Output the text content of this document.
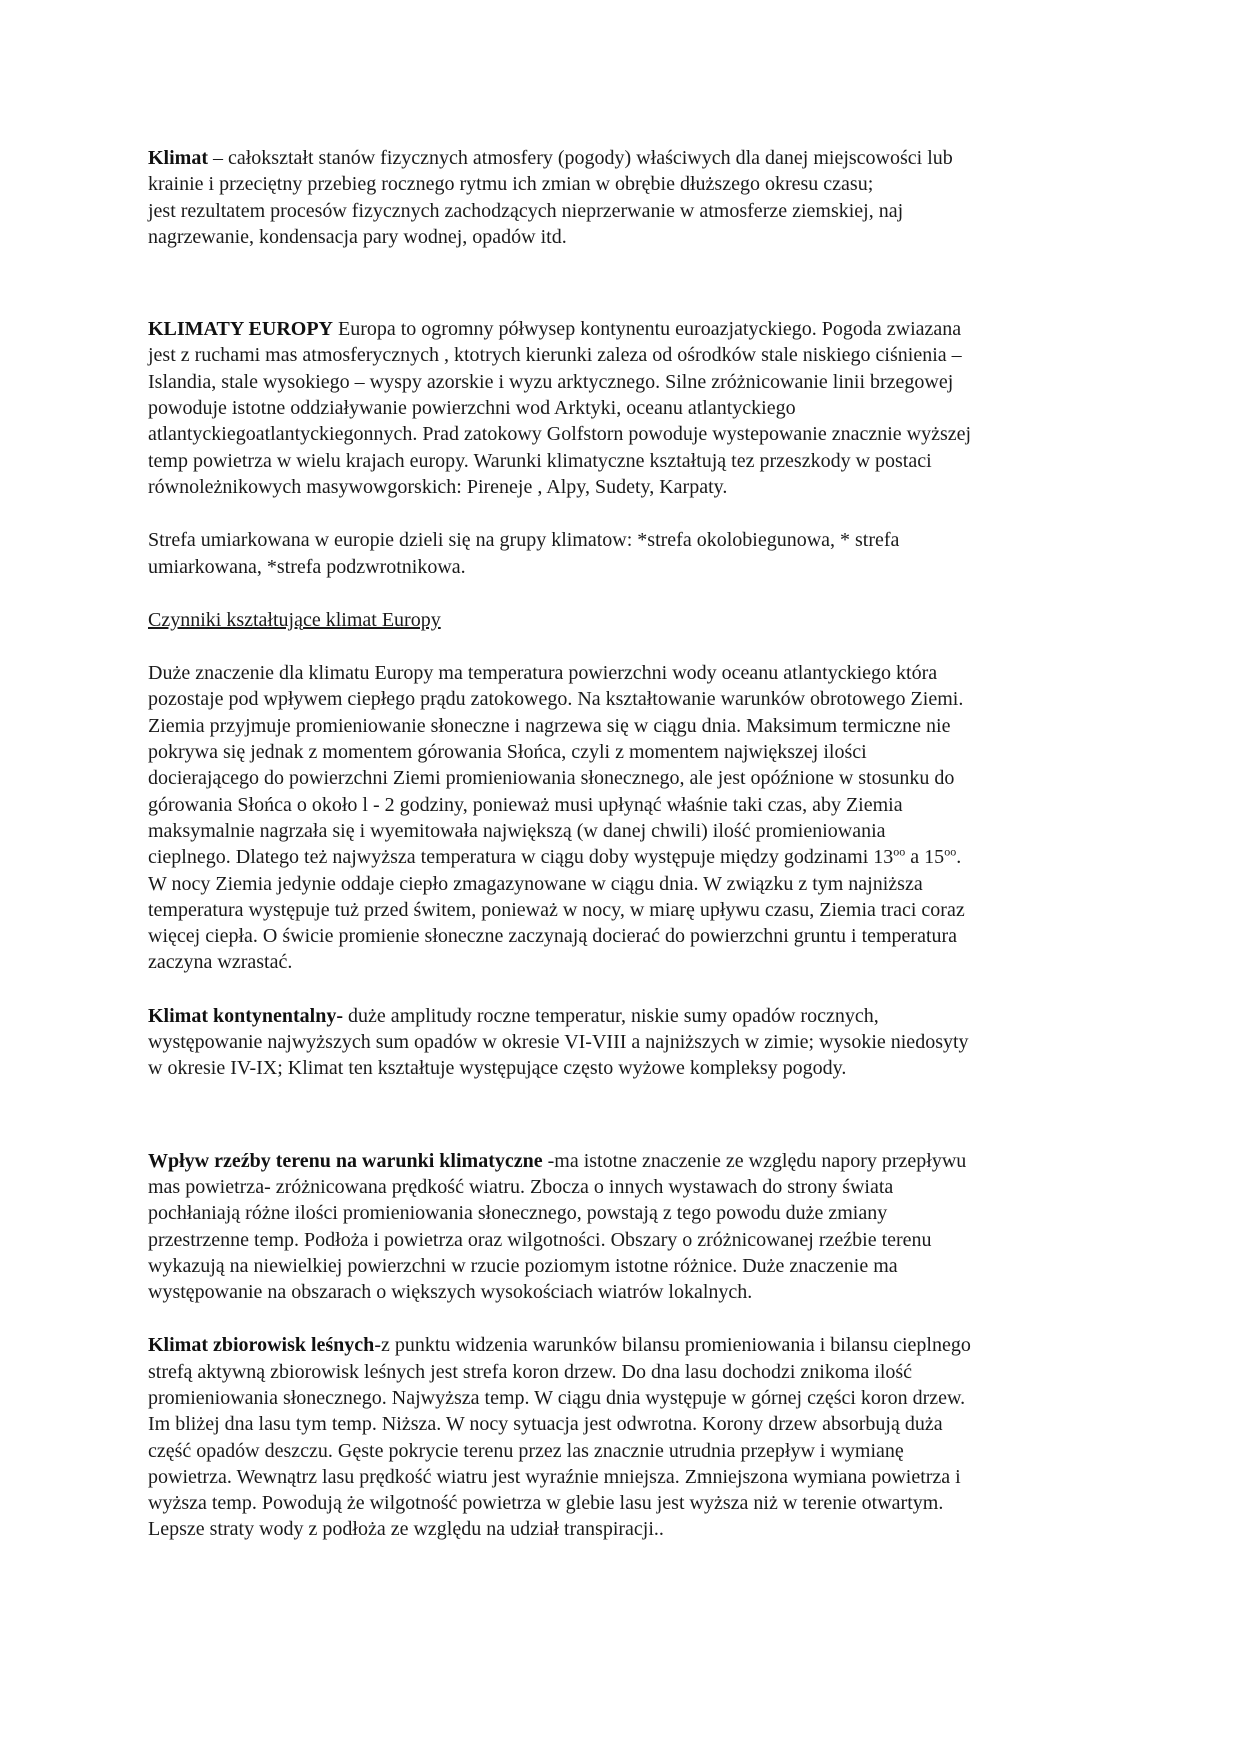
Klimat – całokształt stanów fizycznych atmosfery (pogody) właściwych dla danej miejscowości lub
krainie i przeciętny przebieg rocznego rytmu ich zmian w obrębie dłuższego okresu czasu;
jest rezultatem procesów fizycznych zachodzących nieprzerwanie w atmosferze ziemskiej, naj
nagrzewanie, kondensacja pary wodnej, opadów itd.
KLIMATY EUROPY Europa to ogromny półwysep kontynentu euroazjatyckiego. Pogoda zwiazana
jest z ruchami mas atmosferycznych , ktotrych kierunki zaleza od ośrodków stale niskiego ciśnienia –
Islandia, stale wysokiego – wyspy azorskie i wyzu arktycznego. Silne zróżnicowanie linii brzegowej
powoduje istotne oddziaływanie powierzchni wod Arktyki, oceanu atlantyckiego
atlantyckiegoatlantyckiegonnych. Prad zatokowy Golfstorn powoduje wystepowanie znacznie wyższej
temp powietrza w wielu krajach europy. Warunki klimatyczne kształtują tez przeszkody w postaci
równoleżnikowych masywowgorskich: Pireneje , Alpy, Sudety, Karpaty.
Strefa umiarkowana w europie dzieli się na grupy klimatow: *strefa okolobiegunowa, * strefa
umiarkowana, *strefa podzwrotnikowa.
Czynniki kształtujące klimat Europy
Duże znaczenie dla klimatu Europy ma temperatura powierzchni wody oceanu atlantyckiego która
pozostaje pod wpływem ciepłego prądu zatokowego. Na kształtowanie warunków obrotowego Ziemi.
Ziemia przyjmuje promieniowanie słoneczne i nagrzewa się w ciągu dnia. Maksimum termiczne nie
pokrywa się jednak z momentem górowania Słońca, czyli z momentem największej ilości
docierającego do powierzchni Ziemi promieniowania słonecznego, ale jest opóźnione w stosunku do
górowania Słońca o około l - 2 godziny, ponieważ musi upłynąć właśnie taki czas, aby Ziemia
maksymalnie nagrzała się i wyemitowała największą (w danej chwili) ilość promieniowania
cieplnego. Dlatego też najwyższa temperatura w ciągu doby występuje między godzinami $13^{oo}$ a $15^{oo}$.
W nocy Ziemia jedynie oddaje ciepło zmagazynowane w ciągu dnia. W związku z tym najniższa
temperatura występuje tuż przed świtem, ponieważ w nocy, w miarę upływu czasu, Ziemia traci coraz
więcej ciepła. O świcie promienie słoneczne zaczynają docierać do powierzchni gruntu i temperatura
zaczyna wzrastać.
Klimat kontynentalny- duże amplitudy roczne temperatur, niskie sumy opadów rocznych,
występowanie najwyższych sum opadów w okresie VI-VIII a najniższych w zimie; wysokie niedosyty
w okresie IV-IX; Klimat ten kształtuje występujące często wyżowe kompleksy pogody.
Wpływ rzeźby terenu na warunki klimatyczne -ma istotne znaczenie ze względu napory przepływu
mas powietrza- zróżnicowana prędkość wiatru. Zbocza o innych wystawach do strony świata
pochłaniają różne ilości promieniowania słonecznego, powstają z tego powodu duże zmiany
przestrzenne temp. Podłoża i powietrza oraz wilgotności. Obszary o zróżnicowanej rzeźbie terenu
wykazują na niewielkiej powierzchni w rzucie poziomym istotne różnice. Duże znaczenie ma
występowanie na obszarach o większych wysokościach wiatrów lokalnych.
Klimat zbiorowisk leśnych-z punktu widzenia warunków bilansu promieniowania i bilansu cieplnego
strefą aktywną zbiorowisk leśnych jest strefa koron drzew. Do dna lasu dochodzi znikoma ilość
promieniowania słonecznego. Najwyższa temp. W ciągu dnia występuje w górnej części koron drzew.
Im bliżej dna lasu tym temp. Niższa. W nocy sytuacja jest odwrotna. Korony drzew absorbują duża
część opadów deszczu. Gęste pokrycie terenu przez las znacznie utrudnia przepływ i wymianę
powietrza. Wewnątrz lasu prędkość wiatru jest wyraźnie mniejsza. Zmniejszona wymiana powietrza i
wyższa temp. Powodują że wilgotność powietrza w glebie lasu jest wyższa niż w terenie otwartym.
Lepsze straty wody z podłoża ze względu na udział transpiracji..
